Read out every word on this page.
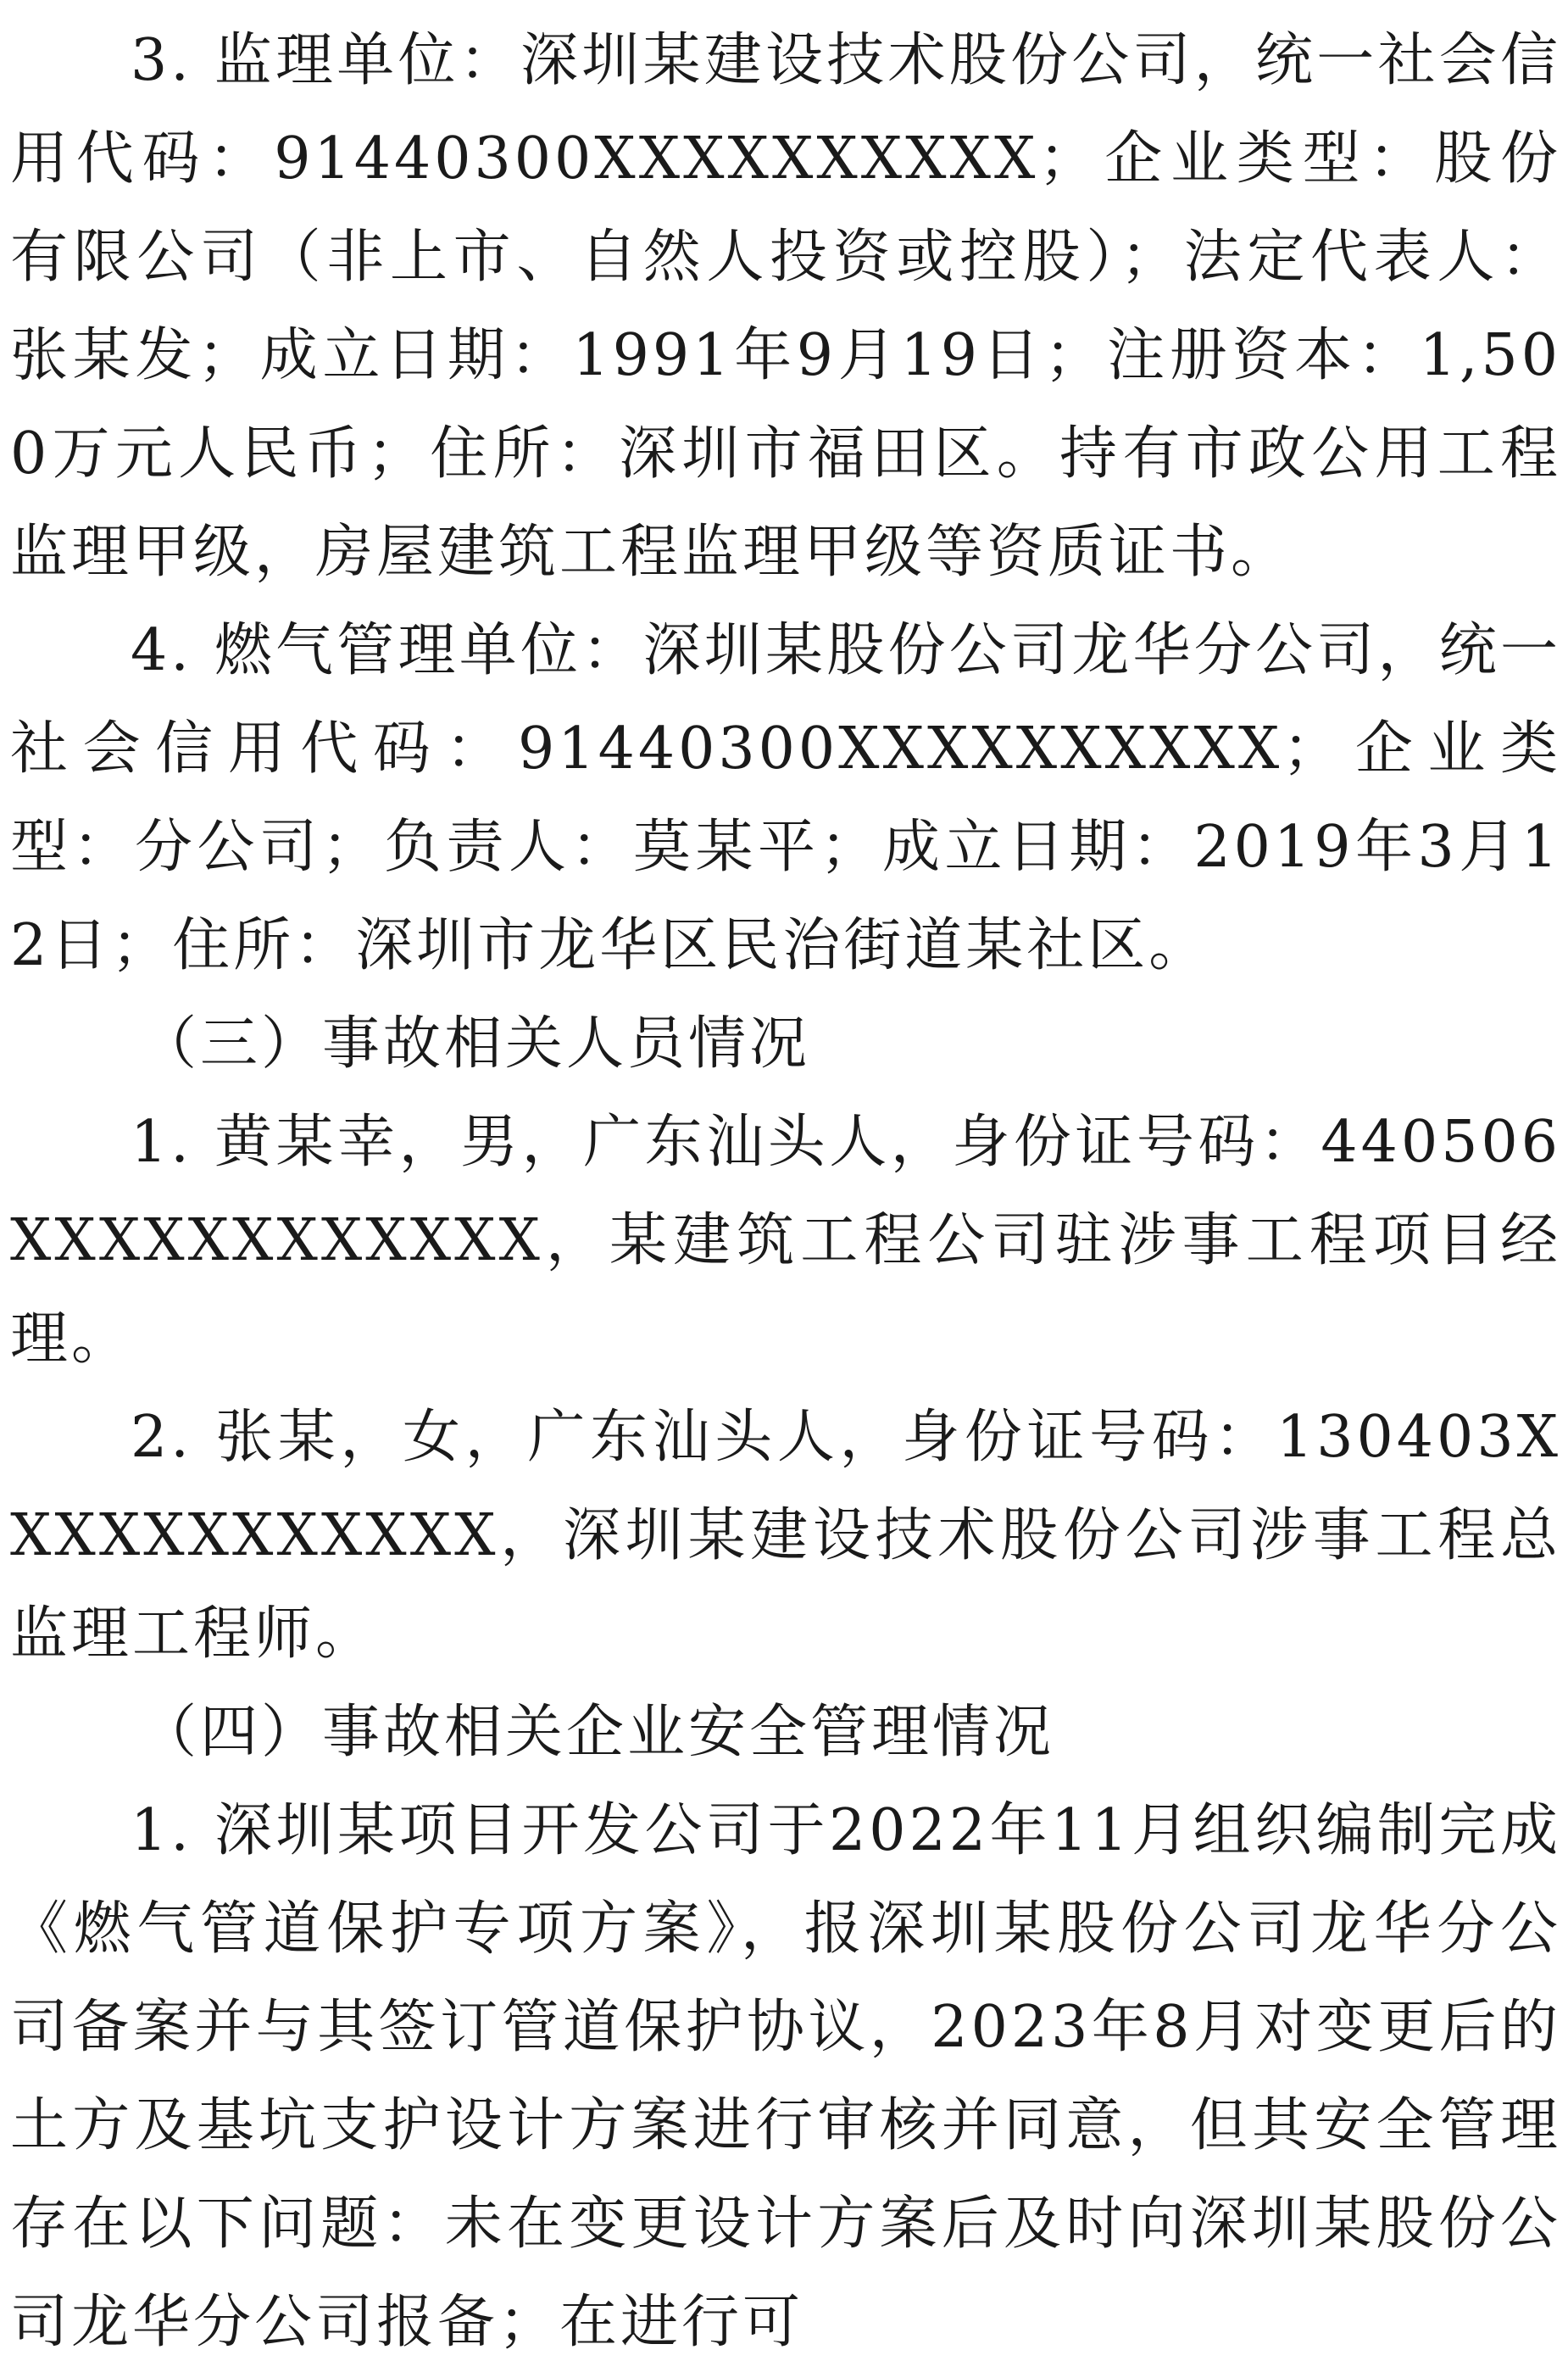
3. 监理单位：深圳某建设技术股份公司，统一社会信用代码：91440300XXXXXXXXXX；企业类型：股份有限公司（非上市、自然人投资或控股）；法定代表人：张某发；成立日期：1991年9月19日；注册资本：1,500万元人民币；住所：深圳市福田区。持有市政公用工程监理甲级，房屋建筑工程监理甲级等资质证书。

4. 燃气管理单位：深圳某股份公司龙华分公司，统一社会信用代码：91440300XXXXXXXXXX；企业类型：分公司；负责人：莫某平；成立日期：2019年3月12日；住所：深圳市龙华区民治街道某社区。

（三）事故相关人员情况

1. 黄某幸，男，广东汕头人，身份证号码：440506XXXXXXXXXXXX，某建筑工程公司驻涉事工程项目经理。

2. 张某，女，广东汕头人，身份证号码：130403XXXXXXXXXXXX，深圳某建设技术股份公司涉事工程总监理工程师。

（四）事故相关企业安全管理情况

1. 深圳某项目开发公司于2022年11月组织编制完成《燃气管道保护专项方案》，报深圳某股份公司龙华分公司备案并与其签订管道保护协议，2023年8月对变更后的土方及基坑支护设计方案进行审核并同意，但其安全管理存在以下问题：未在变更设计方案后及时向深圳某股份公司龙华分公司报备；在进行可
